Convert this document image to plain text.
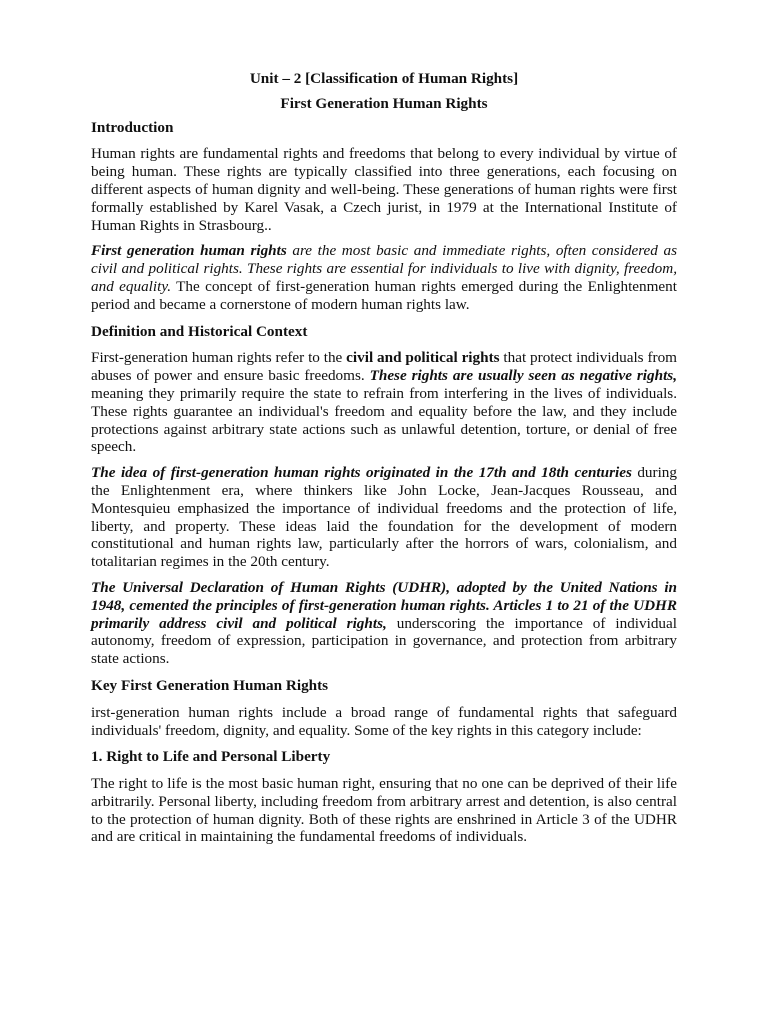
Unit – 2 [Classification of Human Rights]

First Generation Human Rights

Introduction

Human rights are fundamental rights and freedoms that belong to every individual by virtue of being human. These rights are typically classified into three generations, each focusing on different aspects of human dignity and well-being. These generations of human rights were first formally established by Karel Vasak, a Czech jurist, in 1979 at the International Institute of Human Rights in Strasbourg..

First generation human rights are the most basic and immediate rights, often considered as civil and political rights. These rights are essential for individuals to live with dignity, freedom, and equality. The concept of first-generation human rights emerged during the Enlightenment period and became a cornerstone of modern human rights law.

Definition and Historical Context

First-generation human rights refer to the civil and political rights that protect individuals from abuses of power and ensure basic freedoms. These rights are usually seen as negative rights, meaning they primarily require the state to refrain from interfering in the lives of individuals. These rights guarantee an individual's freedom and equality before the law, and they include protections against arbitrary state actions such as unlawful detention, torture, or denial of free speech.

The idea of first-generation human rights originated in the 17th and 18th centuries during the Enlightenment era, where thinkers like John Locke, Jean-Jacques Rousseau, and Montesquieu emphasized the importance of individual freedoms and the protection of life, liberty, and property. These ideas laid the foundation for the development of modern constitutional and human rights law, particularly after the horrors of wars, colonialism, and totalitarian regimes in the 20th century.

The Universal Declaration of Human Rights (UDHR), adopted by the United Nations in 1948, cemented the principles of first-generation human rights. Articles 1 to 21 of the UDHR primarily address civil and political rights, underscoring the importance of individual autonomy, freedom of expression, participation in governance, and protection from arbitrary state actions.

Key First Generation Human Rights

irst-generation human rights include a broad range of fundamental rights that safeguard individuals' freedom, dignity, and equality. Some of the key rights in this category include:

1. Right to Life and Personal Liberty

The right to life is the most basic human right, ensuring that no one can be deprived of their life arbitrarily. Personal liberty, including freedom from arbitrary arrest and detention, is also central to the protection of human dignity. Both of these rights are enshrined in Article 3 of the UDHR and are critical in maintaining the fundamental freedoms of individuals.
